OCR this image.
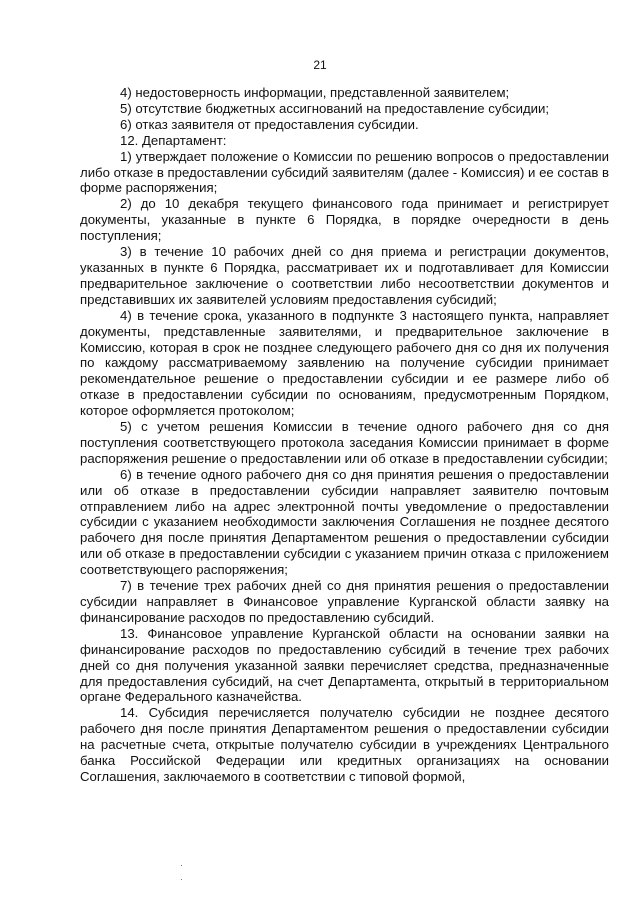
21

4) недостоверность информации, представленной заявителем;

5) отсутствие бюджетных ассигнований на предоставление субсидии;

6) отказ заявителя от предоставления субсидии.

12. Департамент:

1) утверждает положение о Комиссии по решению вопросов о предоставлении либо отказе в предоставлении субсидий заявителям (далее - Комиссия) и ее состав в форме распоряжения;

2) до 10 декабря текущего финансового года принимает и регистрирует документы, указанные в пункте 6 Порядка, в порядке очередности в день поступления;

3) в течение 10 рабочих дней со дня приема и регистрации документов, указанных в пункте 6 Порядка, рассматривает их и подготавливает для Комиссии предварительное заключение о соответствии либо несоответствии документов и представивших их заявителей условиям предоставления субсидий;

4) в течение срока, указанного в подпункте 3 настоящего пункта, направляет документы, представленные заявителями, и предварительное заключение в Комиссию, которая в срок не позднее следующего рабочего дня со дня их получения по каждому рассматриваемому заявлению на получение субсидии принимает рекомендательное решение о предоставлении субсидии и ее размере либо об отказе в предоставлении субсидии по основаниям, предусмотренным Порядком, которое оформляется протоколом;

5) с учетом решения Комиссии в течение одного рабочего дня со дня поступления соответствующего протокола заседания Комиссии принимает в форме распоряжения решение о предоставлении или об отказе в предоставлении субсидии;

6) в течение одного рабочего дня со дня принятия решения о предоставлении или об отказе в предоставлении субсидии направляет заявителю почтовым отправлением либо на адрес электронной почты уведомление о предоставлении субсидии с указанием необходимости заключения Соглашения не позднее десятого рабочего дня после принятия Департаментом решения о предоставлении субсидии или об отказе в предоставлении субсидии с указанием причин отказа с приложением соответствующего распоряжения;

7) в течение трех рабочих дней со дня принятия решения о предоставлении субсидии направляет в Финансовое управление Курганской области заявку на финансирование расходов по предоставлению субсидий.

13. Финансовое управление Курганской области на основании заявки на финансирование расходов по предоставлению субсидий в течение трех рабочих дней со дня получения указанной заявки перечисляет средства, предназначенные для предоставления субсидий, на счет Департамента, открытый в территориальном органе Федерального казначейства.

14. Субсидия перечисляется получателю субсидии не позднее десятого рабочего дня после принятия Департаментом решения о предоставлении субсидии на расчетные счета, открытые получателю субсидии в учреждениях Центрального банка Российской Федерации или кредитных организациях на основании Соглашения, заключаемого в соответствии с типовой формой,
